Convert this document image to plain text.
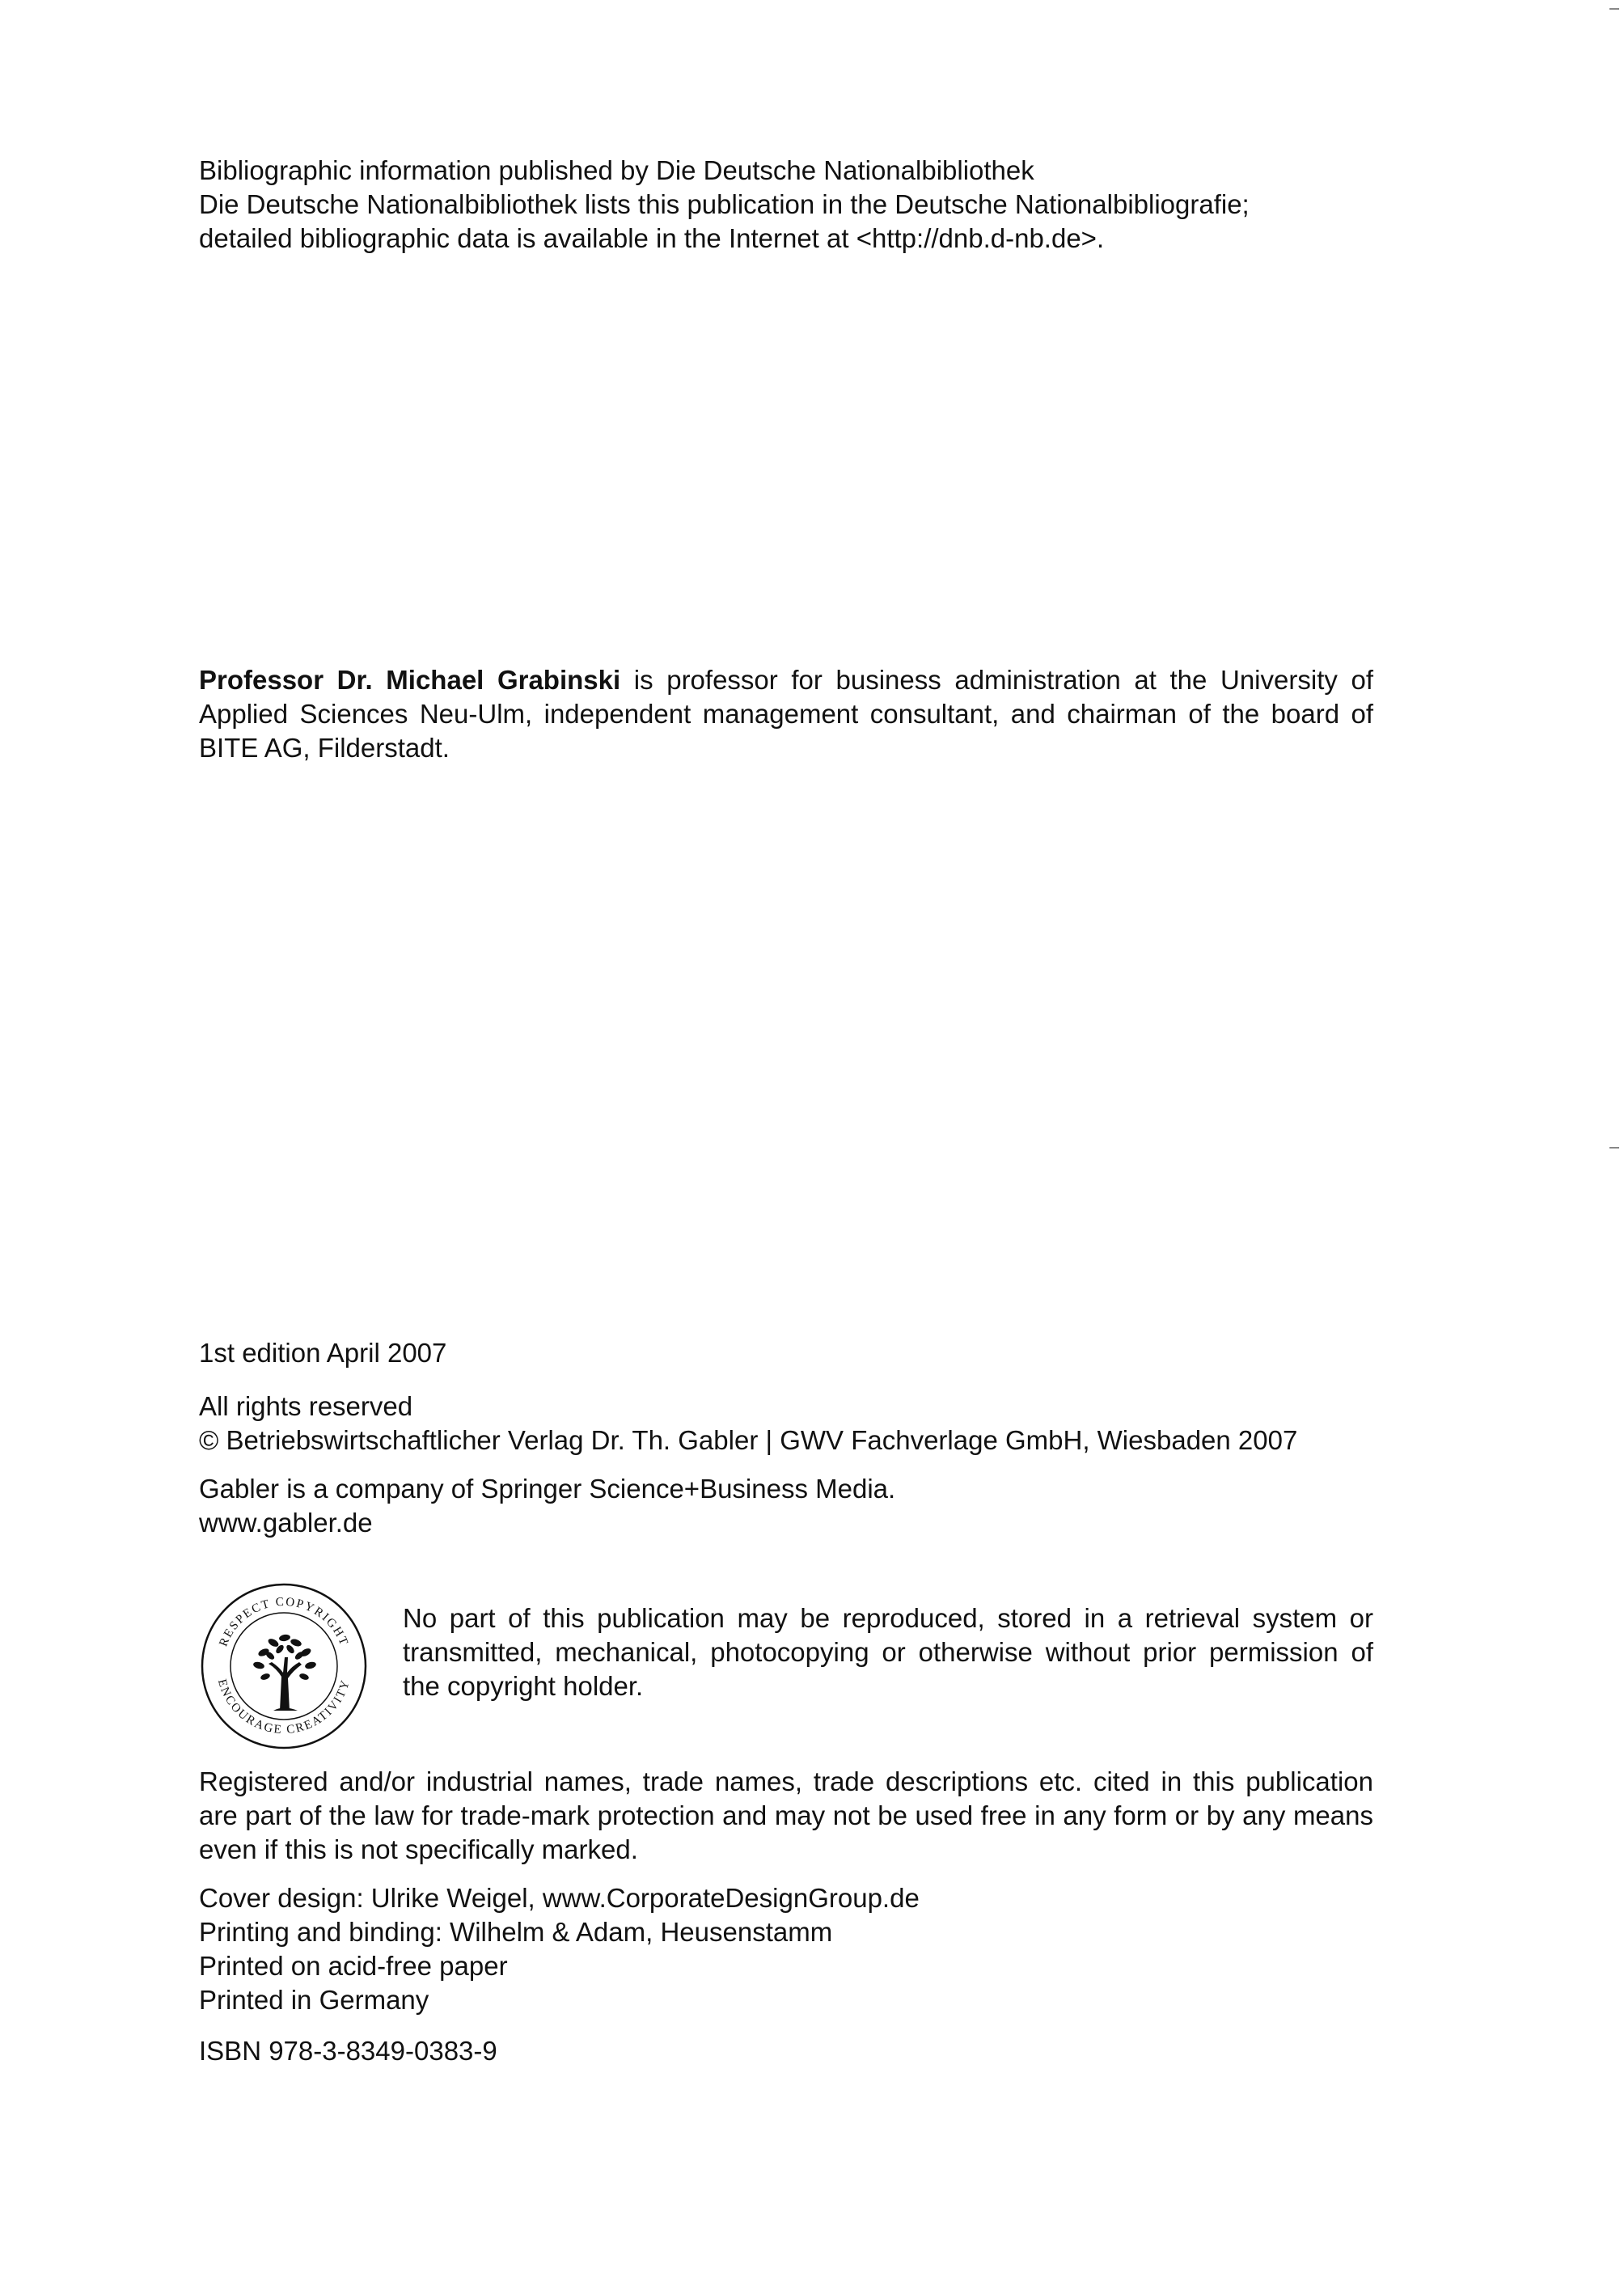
Bibliographic information published by Die Deutsche Nationalbibliothek
Die Deutsche Nationalbibliothek lists this publication in the Deutsche Nationalbibliografie;
detailed bibliographic data is available in the Internet at <http://dnb.d-nb.de>.
Professor Dr. Michael Grabinski is professor for business administration at the University of Applied Sciences Neu-Ulm, independent management consultant, and chairman of the board of BITE AG, Filderstadt.
1st edition April 2007
All rights reserved
© Betriebswirtschaftlicher Verlag Dr. Th. Gabler | GWV Fachverlage GmbH, Wiesbaden 2007
Gabler is a company of Springer Science+Business Media.
www.gabler.de
RESPECT COPYRIGHT
ENCOURAGE CREATIVITY
No part of this publication may be reproduced, stored in a retrieval system or transmitted, mechanical, photocopying or otherwise without prior permission of the copyright holder.
Registered and/or industrial names, trade names, trade descriptions etc. cited in this publication are part of the law for trade-mark protection and may not be used free in any form or by any means even if this is not specifically marked.
Cover design: Ulrike Weigel, www.CorporateDesignGroup.de
Printing and binding: Wilhelm & Adam, Heusenstamm
Printed on acid-free paper
Printed in Germany
ISBN 978-3-8349-0383-9
